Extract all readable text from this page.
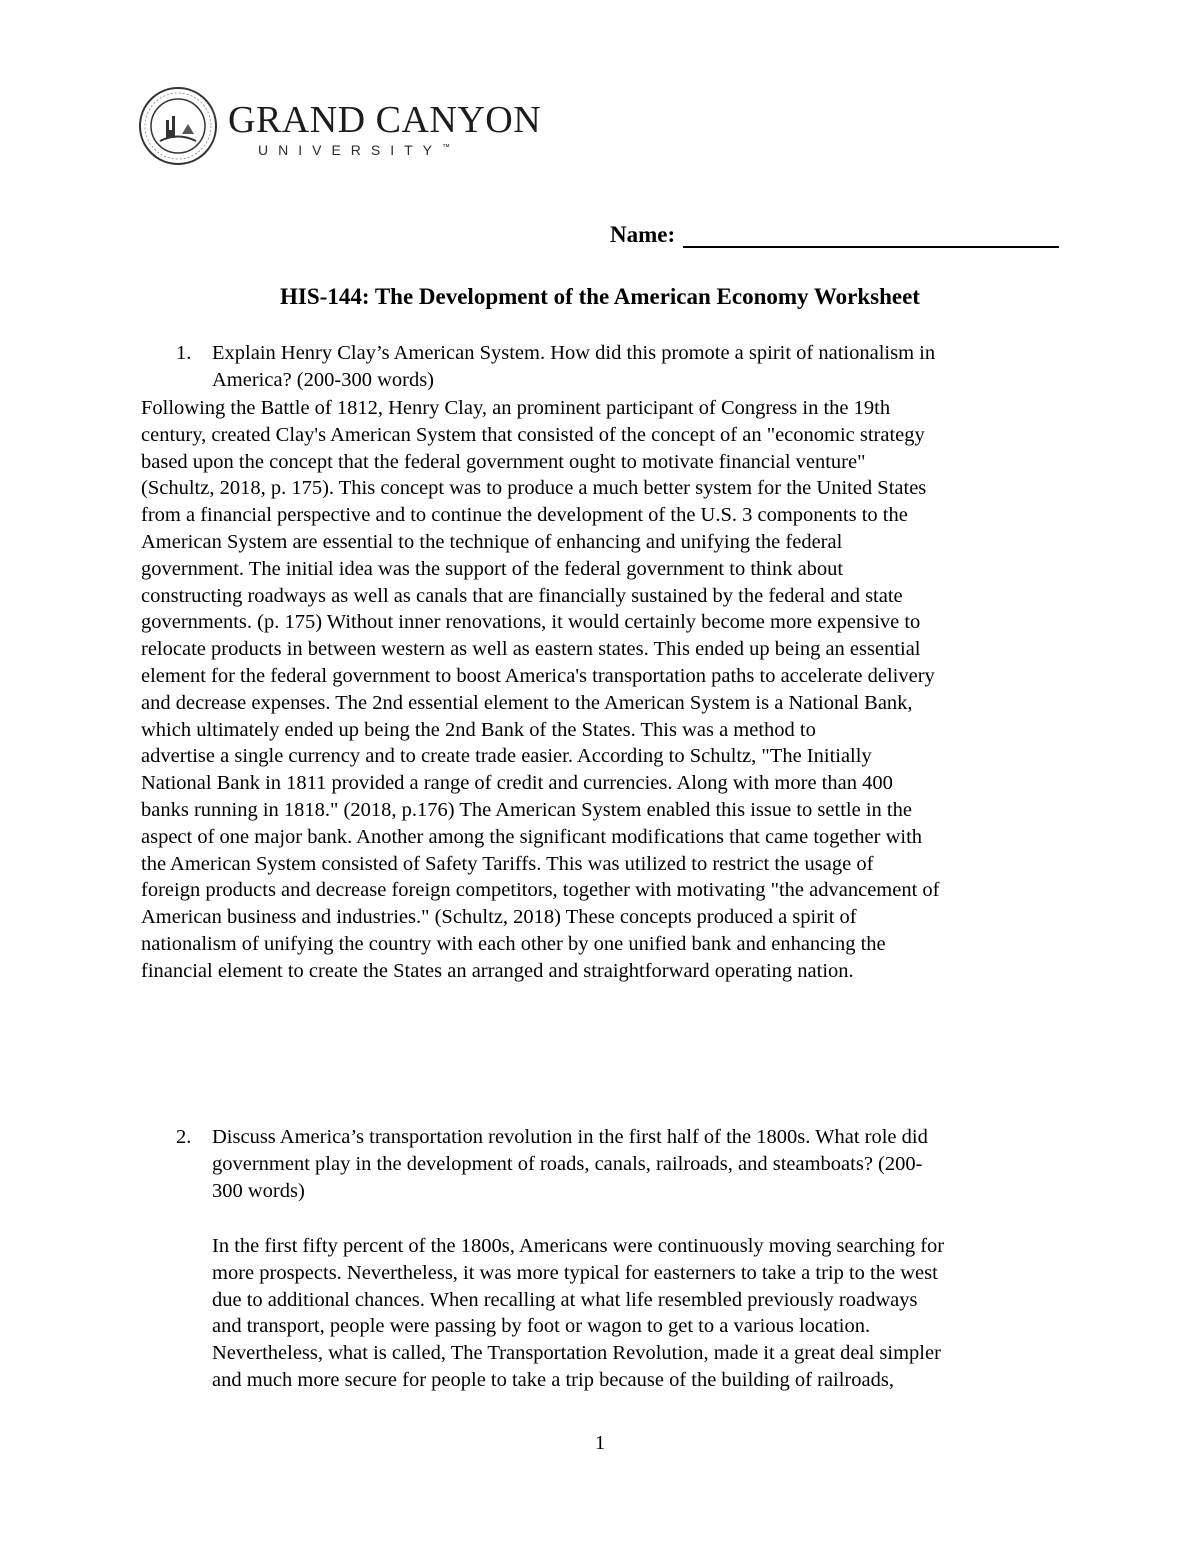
GRAND CANYON
UNIVERSITY™
Name:
HIS-144: The Development of the American Economy Worksheet
1. Explain Henry Clay’s American System. How did this promote a spirit of nationalism in
America? (200-300 words)
Following the Battle of 1812, Henry Clay, an prominent participant of Congress in the 19th
century, created Clay's American System that consisted of the concept of an "economic strategy
based upon the concept that the federal government ought to motivate financial venture"
(Schultz, 2018, p. 175). This concept was to produce a much better system for the United States
from a financial perspective and to continue the development of the U.S. 3 components to the
American System are essential to the technique of enhancing and unifying the federal
government. The initial idea was the support of the federal government to think about
constructing roadways as well as canals that are financially sustained by the federal and state
governments. (p. 175) Without inner renovations, it would certainly become more expensive to
relocate products in between western as well as eastern states. This ended up being an essential
element for the federal government to boost America's transportation paths to accelerate delivery
and decrease expenses. The 2nd essential element to the American System is a National Bank,
which ultimately ended up being the 2nd Bank of the States. This was a method to
advertise a single currency and to create trade easier. According to Schultz, "The Initially
National Bank in 1811 provided a range of credit and currencies. Along with more than 400
banks running in 1818." (2018, p.176) The American System enabled this issue to settle in the
aspect of one major bank. Another among the significant modifications that came together with
the American System consisted of Safety Tariffs. This was utilized to restrict the usage of
foreign products and decrease foreign competitors, together with motivating "the advancement of
American business and industries." (Schultz, 2018) These concepts produced a spirit of
nationalism of unifying the country with each other by one unified bank and enhancing the
financial element to create the States an arranged and straightforward operating nation.
2. Discuss America’s transportation revolution in the first half of the 1800s. What role did
government play in the development of roads, canals, railroads, and steamboats? (200-
300 words)
In the first fifty percent of the 1800s, Americans were continuously moving searching for
more prospects. Nevertheless, it was more typical for easterners to take a trip to the west
due to additional chances. When recalling at what life resembled previously roadways
and transport, people were passing by foot or wagon to get to a various location.
Nevertheless, what is called, The Transportation Revolution, made it a great deal simpler
and much more secure for people to take a trip because of the building of railroads,
1
